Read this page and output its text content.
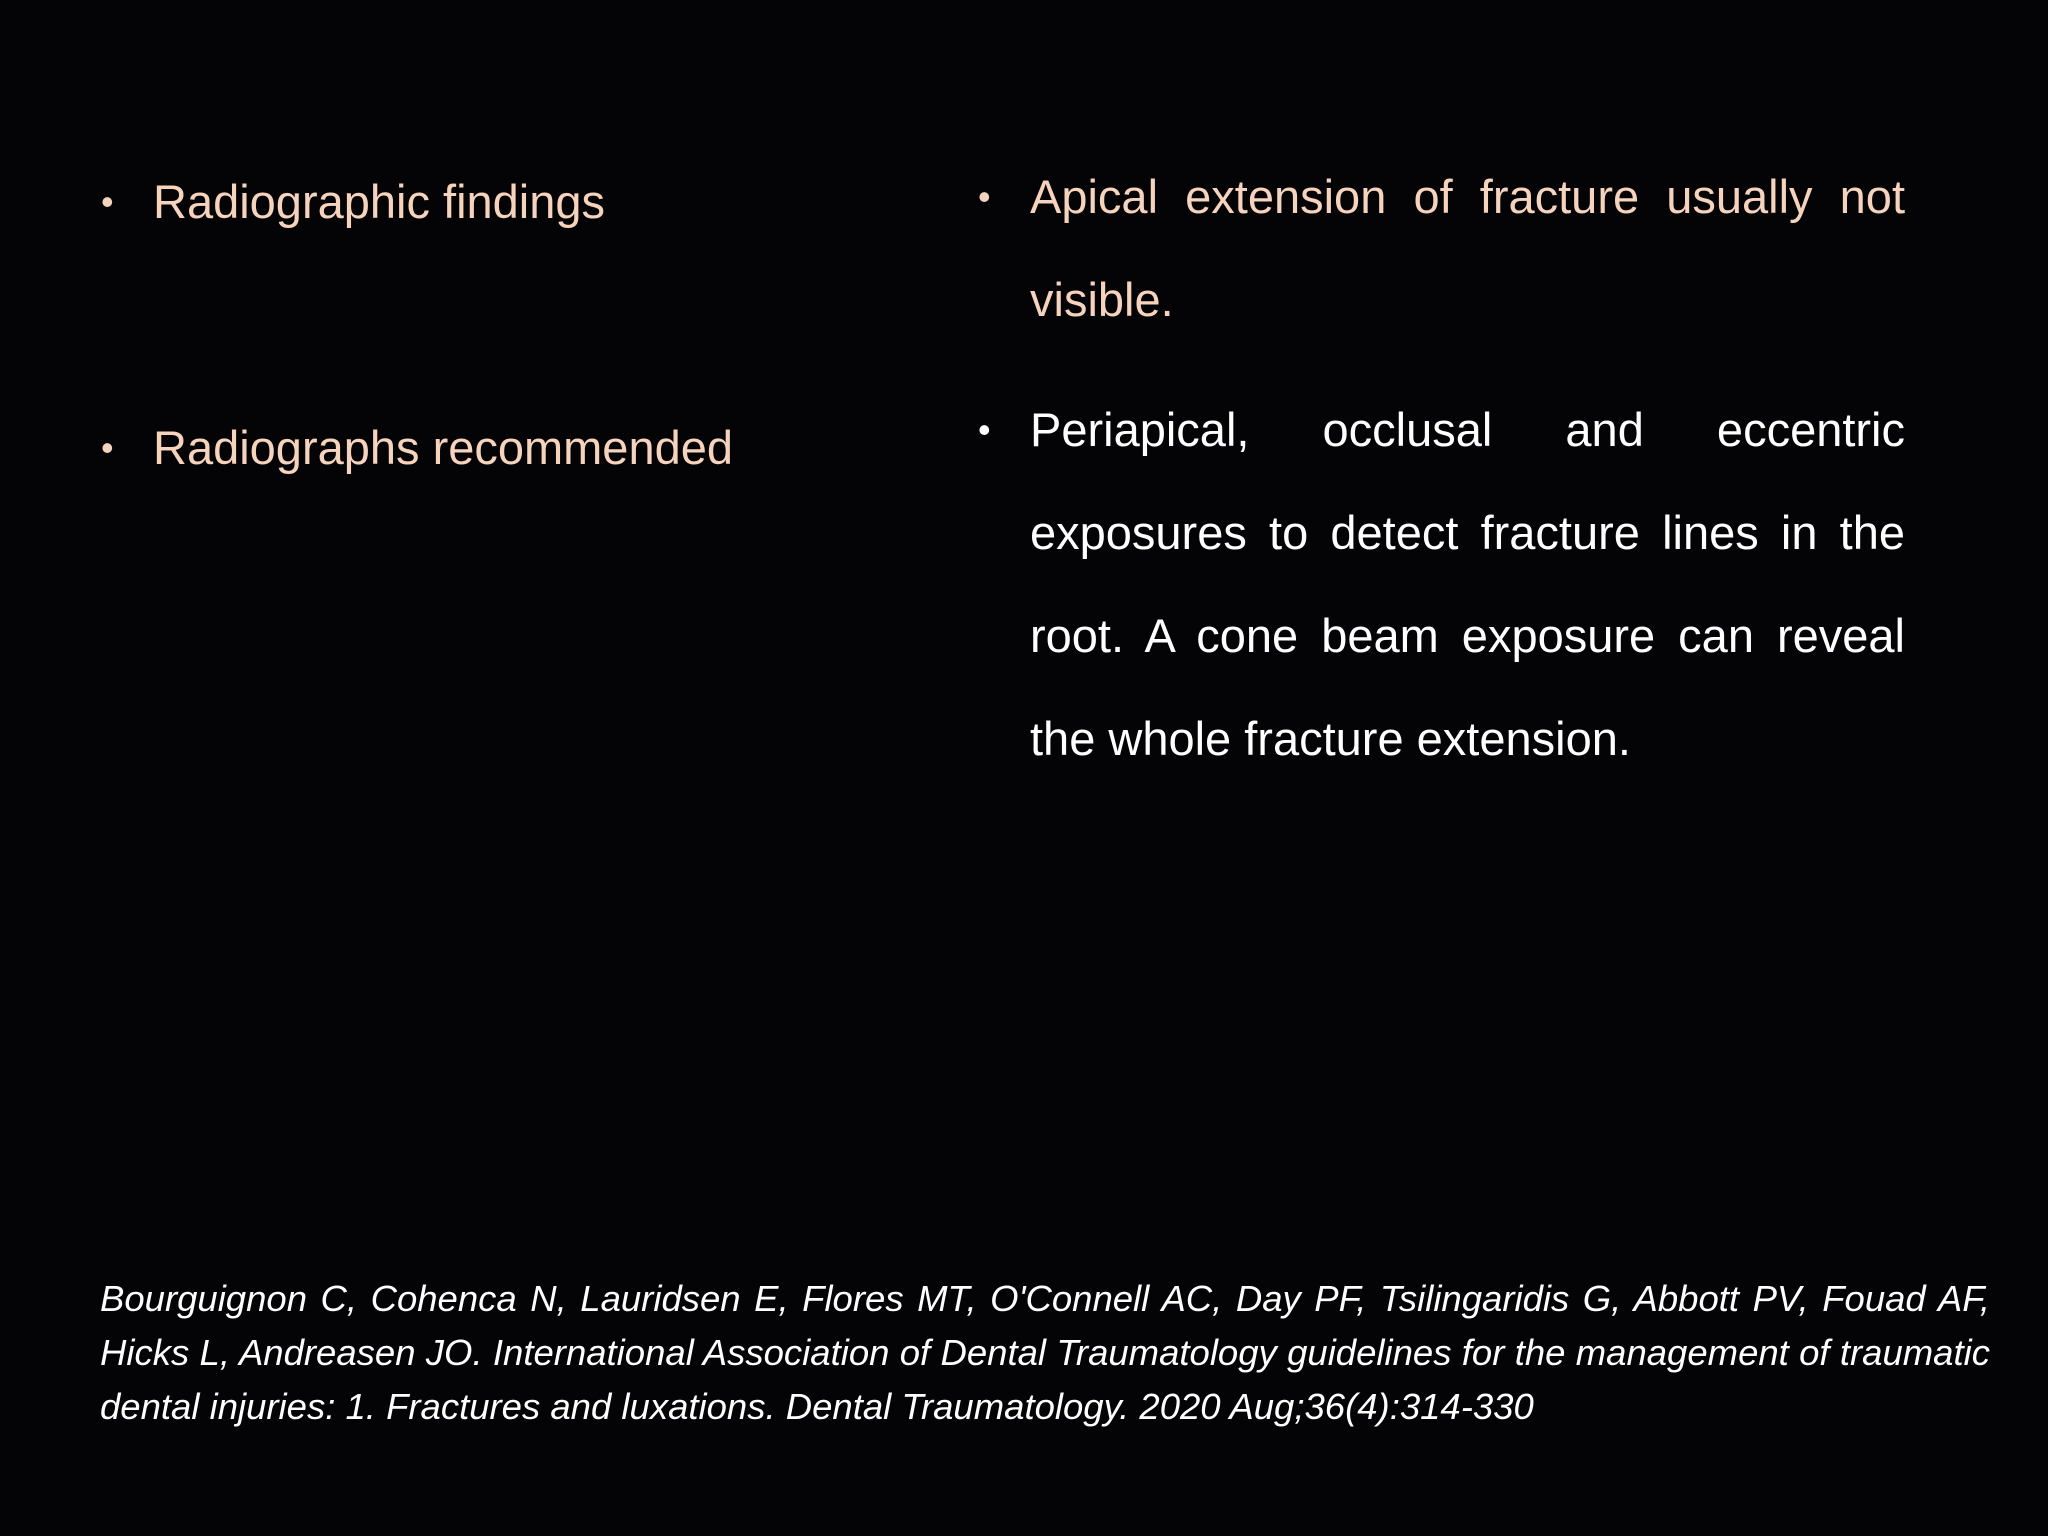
• Radiographic findings

• Radiographs recommended

• Apical extension of fracture usually not visible.

• Periapical, occlusal and eccentric exposures to detect fracture lines in the root. A cone beam exposure can reveal the whole fracture extension.

Bourguignon C, Cohenca N, Lauridsen E, Flores MT, O'Connell AC, Day PF, Tsilingaridis G, Abbott PV, Fouad AF, Hicks L, Andreasen JO. International Association of Dental Traumatology guidelines for the management of traumatic dental injuries: 1. Fractures and luxations. Dental Traumatology. 2020 Aug;36(4):314-330
